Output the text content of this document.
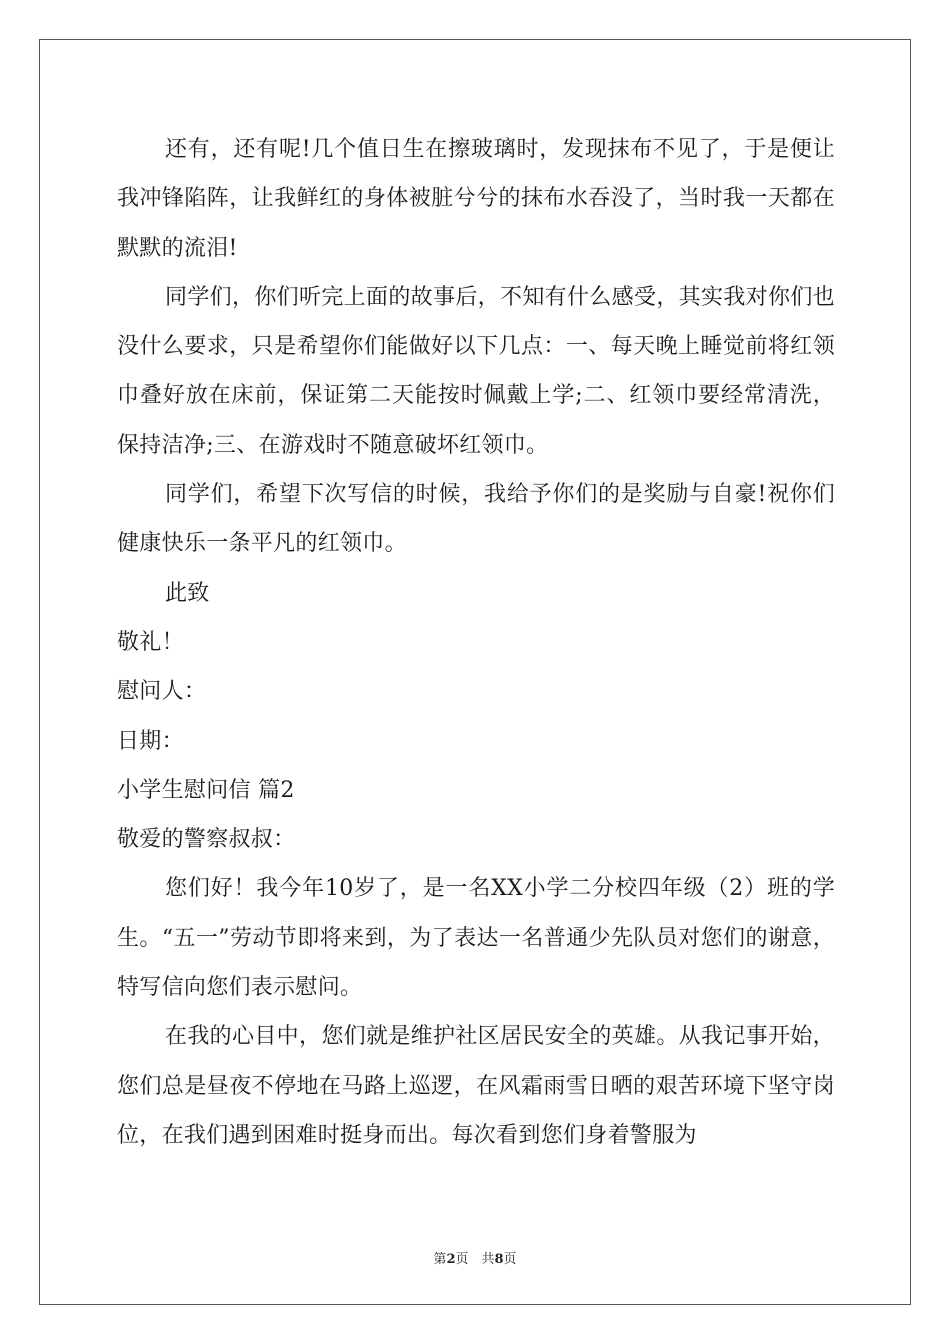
还有，还有呢!几个值日生在擦玻璃时，发现抹布不见了，于是便让我冲锋陷阵，让我鲜红的身体被脏兮兮的抹布水吞没了，当时我一天都在默默的流泪!

同学们，你们听完上面的故事后，不知有什么感受，其实我对你们也没什么要求，只是希望你们能做好以下几点：一、每天晚上睡觉前将红领巾叠好放在床前，保证第二天能按时佩戴上学;二、红领巾要经常清洗，保持洁净;三、在游戏时不随意破坏红领巾。

同学们，希望下次写信的时候，我给予你们的是奖励与自豪!祝你们健康快乐一条平凡的红领巾。

此致

敬礼！

慰问人：

日期：

小学生慰问信 篇2

敬爱的警察叔叔：

您们好！我今年10岁了，是一名XX小学二分校四年级（2）班的学生。“五一”劳动节即将来到，为了表达一名普通少先队员对您们的谢意，特写信向您们表示慰问。

在我的心目中，您们就是维护社区居民安全的英雄。从我记事开始，您们总是昼夜不停地在马路上巡逻，在风霜雨雪日晒的艰苦环境下坚守岗位，在我们遇到困难时挺身而出。每次看到您们身着警服为

第2页　共8页
